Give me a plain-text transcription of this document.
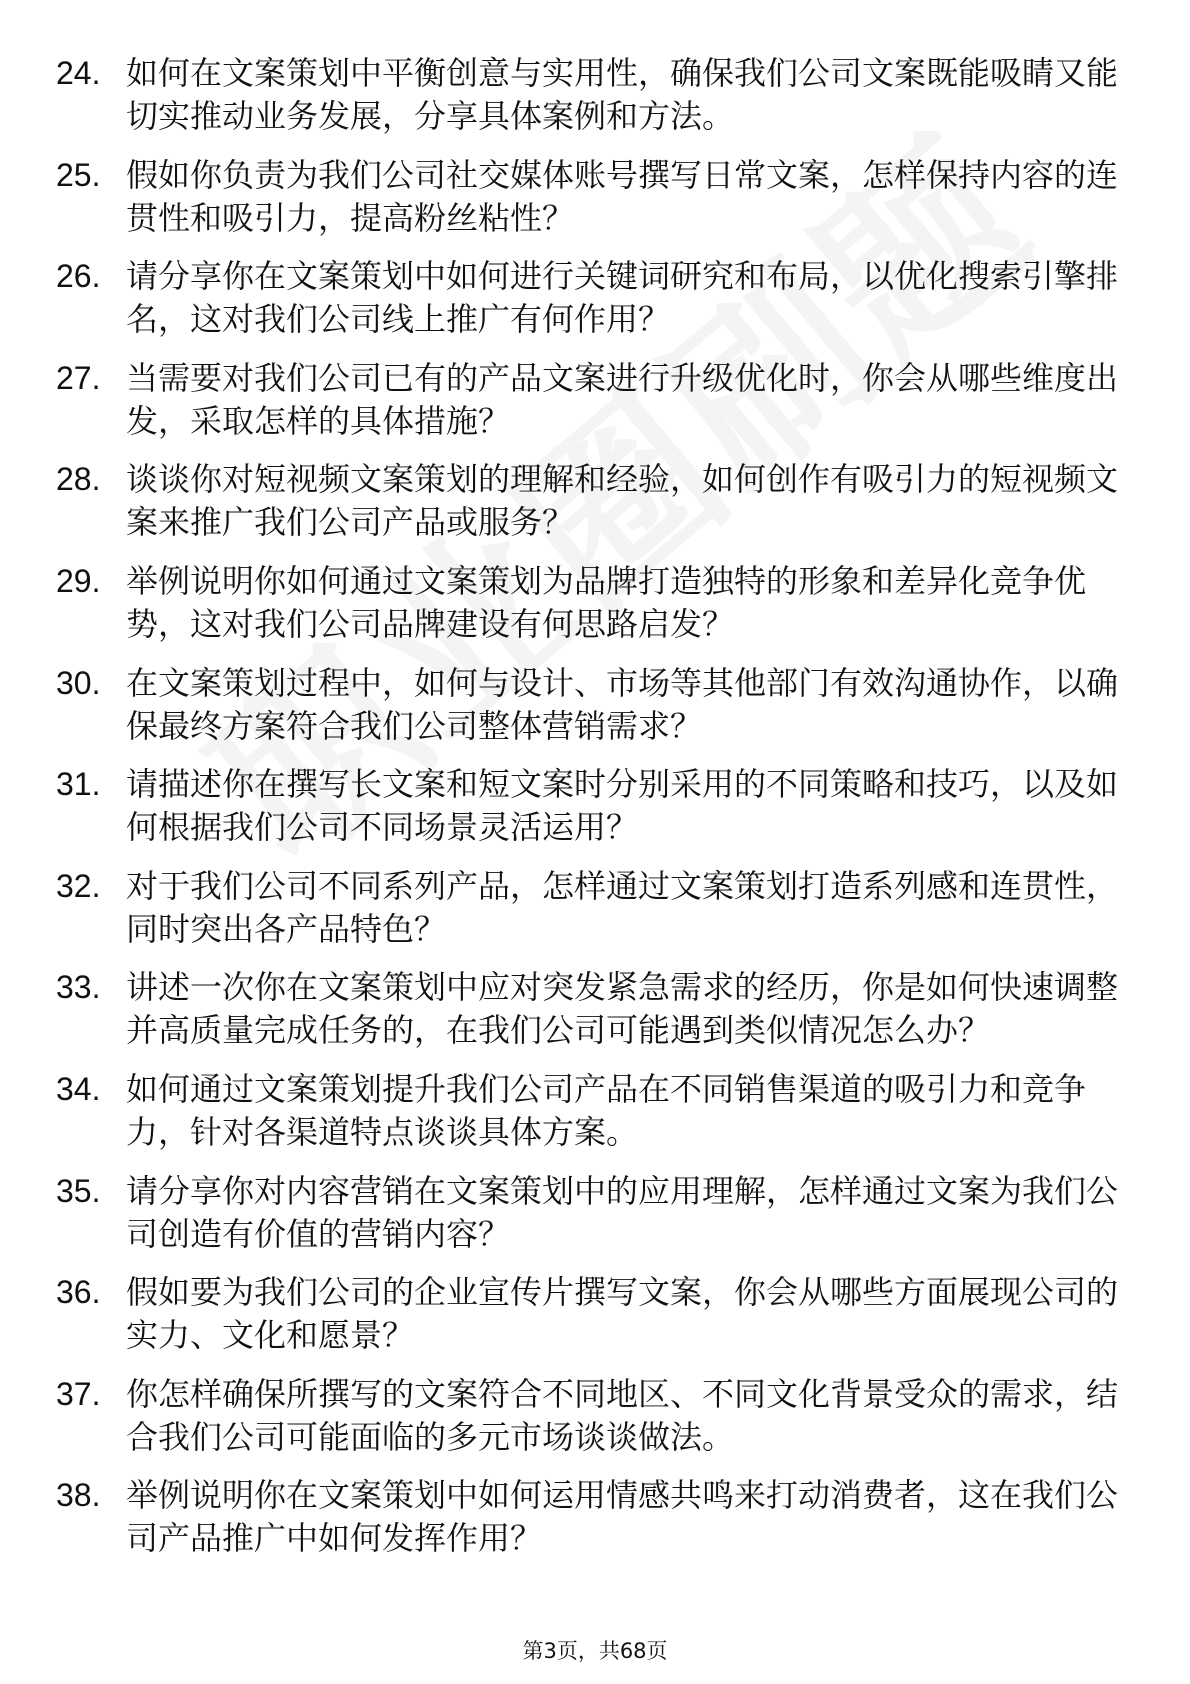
24. 如何在文案策划中平衡创意与实用性，确保我们公司文案既能吸睛又能切实推动业务发展，分享具体案例和方法。
25. 假如你负责为我们公司社交媒体账号撰写日常文案，怎样保持内容的连贯性和吸引力，提高粉丝粘性？
26. 请分享你在文案策划中如何进行关键词研究和布局，以优化搜索引擎排名，这对我们公司线上推广有何作用？
27. 当需要对我们公司已有的产品文案进行升级优化时，你会从哪些维度出发，采取怎样的具体措施？
28. 谈谈你对短视频文案策划的理解和经验，如何创作有吸引力的短视频文案来推广我们公司产品或服务？
29. 举例说明你如何通过文案策划为品牌打造独特的形象和差异化竞争优势，这对我们公司品牌建设有何思路启发？
30. 在文案策划过程中，如何与设计、市场等其他部门有效沟通协作，以确保最终方案符合我们公司整体营销需求？
31. 请描述你在撰写长文案和短文案时分别采用的不同策略和技巧，以及如何根据我们公司不同场景灵活运用？
32. 对于我们公司不同系列产品，怎样通过文案策划打造系列感和连贯性，同时突出各产品特色？
33. 讲述一次你在文案策划中应对突发紧急需求的经历，你是如何快速调整并高质量完成任务的，在我们公司可能遇到类似情况怎么办？
34. 如何通过文案策划提升我们公司产品在不同销售渠道的吸引力和竞争力，针对各渠道特点谈谈具体方案。
35. 请分享你对内容营销在文案策划中的应用理解，怎样通过文案为我们公司创造有价值的营销内容？
36. 假如要为我们公司的企业宣传片撰写文案，你会从哪些方面展现公司的实力、文化和愿景？
37. 你怎样确保所撰写的文案符合不同地区、不同文化背景受众的需求，结合我们公司可能面临的多元市场谈谈做法。
38. 举例说明你在文案策划中如何运用情感共鸣来打动消费者，这在我们公司产品推广中如何发挥作用？
第3页，共68页
